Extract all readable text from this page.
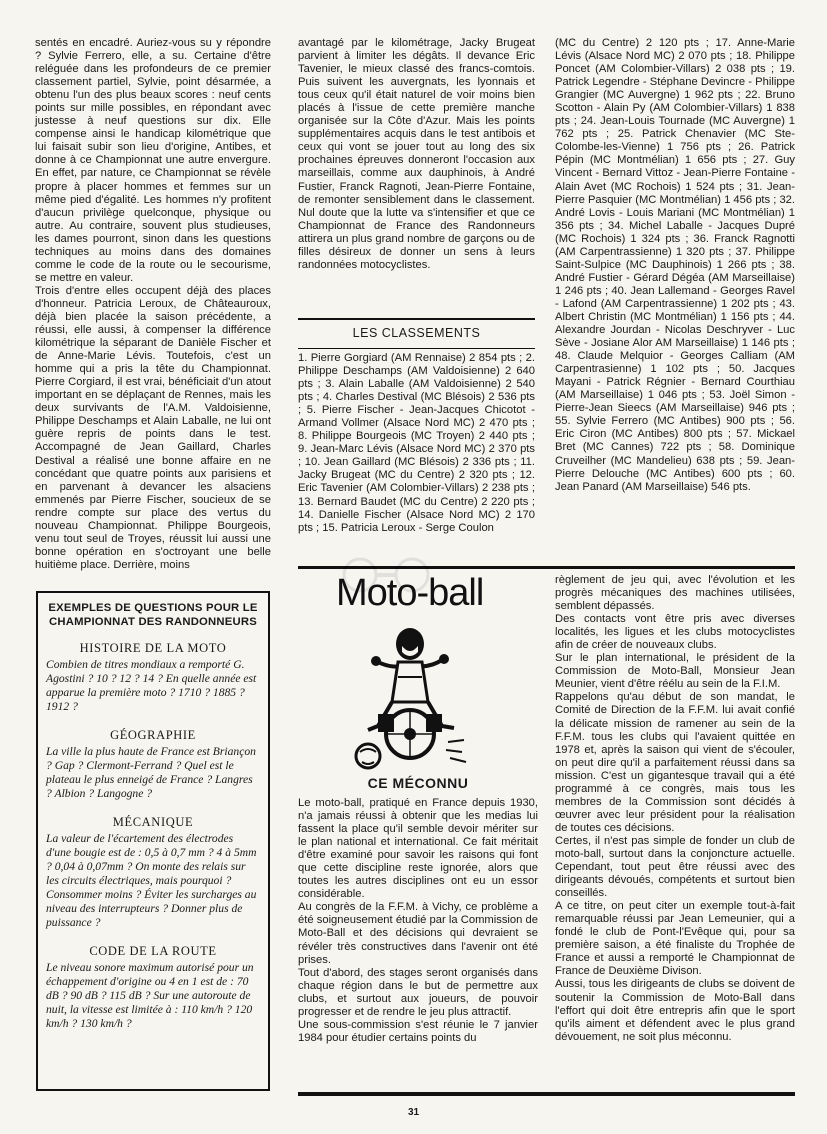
sentés en encadré. Auriez-vous su y répondre ? Sylvie Ferrero, elle, a su. Certaine d'être reléguée dans les profondeurs de ce premier classement partiel, Sylvie, point désarmée, a obtenu l'un des plus beaux scores : neuf cents points sur mille possibles, en répondant avec justesse à neuf questions sur dix. Elle compense ainsi le handicap kilométrique que lui faisait subir son lieu d'origine, Antibes, et donne à ce Championnat une autre envergure. En effet, par nature, ce Championnat se révèle propre à placer hommes et femmes sur un même pied d'égalité. Les hommes n'y profitent d'aucun privilège quelconque, physique ou autre. Au contraire, souvent plus studieuses, les dames pourront, sinon dans les questions techniques au moins dans des domaines comme le code de la route ou le secourisme, se mettre en valeur.

Trois d'entre elles occupent déjà des places d'honneur. Patricia Leroux, de Châteauroux, déjà bien placée la saison précédente, a réussi, elle aussi, à compenser la différence kilométrique la séparant de Danièle Fischer et de Anne-Marie Lévis. Toutefois, c'est un homme qui a pris la tête du Championnat. Pierre Corgiard, il est vrai, bénéficiait d'un atout important en se déplaçant de Rennes, mais les deux survivants de l'A.M. Valdoisienne, Philippe Deschamps et Alain Laballe, ne lui ont guère repris de points dans le test. Accompagné de Jean Gaillard, Charles Destival a réalisé une bonne affaire en ne concédant que quatre points aux parisiens et en parvenant à devancer les alsaciens emmenés par Pierre Fischer, soucieux de se rendre compte sur place des vertus du nouveau Championnat. Philippe Bourgeois, venu tout seul de Troyes, réussit lui aussi une bonne opération en s'octroyant une belle huitième place. Derrière, moins

avantagé par le kilométrage, Jacky Brugeat parvient à limiter les dégâts. Il devance Eric Tavenier, le mieux classé des francs-comtois. Puis suivent les auvergnats, les lyonnais et tous ceux qu'il était naturel de voir moins bien placés à l'issue de cette première manche organisée sur la Côte d'Azur. Mais les points supplémentaires acquis dans le test antibois et ceux qui vont se jouer tout au long des six prochaines épreuves donneront l'occasion aux marseillais, comme aux dauphinois, à André Fustier, Franck Ragnoti, Jean-Pierre Fontaine, de remonter sensiblement dans le classement. Nul doute que la lutte va s'intensifier et que ce Championnat de France des Randonneurs attirera un plus grand nombre de garçons ou de filles désireux de donner un sens à leurs randonnées motocyclistes.

LES CLASSEMENTS

1. Pierre Gorgiard (AM Rennaise) 2 854 pts ; 2. Philippe Deschamps (AM Valdoisienne) 2 640 pts ; 3. Alain Laballe (AM Valdoisienne) 2 540 pts ; 4. Charles Destival (MC Blésois) 2 536 pts ; 5. Pierre Fischer - Jean-Jacques Chicotot - Armand Vollmer (Alsace Nord MC) 2 470 pts ; 8. Philippe Bourgeois (MC Troyen) 2 440 pts ; 9. Jean-Marc Lévis (Alsace Nord MC) 2 370 pts ; 10. Jean Gaillard (MC Blésois) 2 336 pts ; 11. Jacky Brugeat (MC du Centre) 2 320 pts ; 12. Eric Tavenier (AM Colombier-Villars) 2 238 pts ; 13. Bernard Baudet (MC du Centre) 2 220 pts ; 14. Danielle Fischer (Alsace Nord MC) 2 170 pts ; 15. Patricia Leroux - Serge Coulon

(MC du Centre) 2 120 pts ; 17. Anne-Marie Lévis (Alsace Nord MC) 2 070 pts ; 18. Philippe Poncet (AM Colombier-Villars) 2 038 pts ; 19. Patrick Legendre - Stéphane Devincre - Philippe Grangier (MC Auvergne) 1 962 pts ; 22. Bruno Scotton - Alain Py (AM Colombier-Villars) 1 838 pts ; 24. Jean-Louis Tournade (MC Auvergne) 1 762 pts ; 25. Patrick Chenavier (MC Ste-Colombe-les-Vienne) 1 756 pts ; 26. Patrick Pépin (MC Montmélian) 1 656 pts ; 27. Guy Vincent - Bernard Vittoz - Jean-Pierre Fontaine - Alain Avet (MC Rochois) 1 524 pts ; 31. Jean-Pierre Pasquier (MC Montmélian) 1 456 pts ; 32. André Lovis - Louis Mariani (MC Montmélian) 1 356 pts ; 34. Michel Laballe - Jacques Dupré (MC Rochois) 1 324 pts ; 36. Franck Ragnotti (AM Carpentrassienne) 1 320 pts ; 37. Philippe Saint-Sulpice (MC Dauphinois) 1 266 pts ; 38. André Fustier - Gérard Dégéa (AM Marseillaise) 1 246 pts ; 40. Jean Lallemand - Georges Ravel - Lafond (AM Carpentrassienne) 1 202 pts ; 43. Albert Christin (MC Montmélian) 1 156 pts ; 44. Alexandre Jourdan - Nicolas Deschryver - Luc Sève - Josiane Alor AM Marseillaise) 1 146 pts ; 48. Claude Melquior - Georges Calliam (AM Carpentrasienne) 1 102 pts ; 50. Jacques Mayani - Patrick Régnier - Bernard Courthiau (AM Marseillaise) 1 046 pts ; 53. Joël Simon - Pierre-Jean Sieecs (AM Marseillaise) 946 pts ; 55. Sylvie Ferrero (MC Antibes) 900 pts ; 56. Eric Ciron (MC Antibes) 800 pts ; 57. Mickael Bret (MC Cannes) 722 pts ; 58. Dominique Cruveilher (MC Mandelieu) 638 pts ; 59. Jean-Pierre Delouche (MC Antibes) 600 pts ; 60. Jean Panard (AM Marseillaise) 546 pts.

EXEMPLES DE QUESTIONS POUR LE CHAMPIONNAT DES RANDONNEURS
HISTOIRE DE LA MOTO
Combien de titres mondiaux a remporté G. Agostini ? 10 ? 12 ? 14 ? En quelle année est apparue la première moto ? 1710 ? 1885 ? 1912 ?
GÉOGRAPHIE
La ville la plus haute de France est Briançon ? Gap ? Clermont-Ferrand ? Quel est le plateau le plus enneigé de France ? Langres ? Albion ? Langogne ?
MÉCANIQUE
La valeur de l'écartement des électrodes d'une bougie est de : 0,5 à 0,7 mm ? 4 à 5mm ? 0,04 à 0,07mm ? On monte des relais sur les circuits électriques, mais pourquoi ? Consommer moins ? Éviter les surcharges au niveau des interrupteurs ? Donner plus de puissance ?
CODE DE LA ROUTE
Le niveau sonore maximum autorisé pour un échappement d'origine ou 4 en 1 est de : 70 dB ? 90 dB ? 115 dB ? Sur une autoroute de nuit, la vitesse est limitée à : 110 km/h ? 120 km/h ? 130 km/h ?
Moto-ball
CE MÉCONNU

Le moto-ball, pratiqué en France depuis 1930, n'a jamais réussi à obtenir que les medias lui fassent la place qu'il semble devoir mériter sur le plan national et international. Ce fait méritait d'être examiné pour savoir les raisons qui font que cette discipline reste ignorée, alors que toutes les autres disciplines ont eu un essor considérable.

Au congrès de la F.F.M. à Vichy, ce problème a été soigneusement étudié par la Commission de Moto-Ball et des décisions qui devraient se révéler très constructives dans l'avenir ont été prises.

Tout d'abord, des stages seront organisés dans chaque région dans le but de permettre aux clubs, et surtout aux joueurs, de pouvoir progresser et de rendre le jeu plus attractif.

Une sous-commission s'est réunie le 7 janvier 1984 pour étudier certains points du

règlement de jeu qui, avec l'évolution et les progrès mécaniques des machines utilisées, semblent dépassés.

Des contacts vont être pris avec diverses localités, les ligues et les clubs motocyclistes afin de créer de nouveaux clubs.

Sur le plan international, le président de la Commission de Moto-Ball, Monsieur Jean Meunier, vient d'être réélu au sein de la F.I.M.

Rappelons qu'au début de son mandat, le Comité de Direction de la F.F.M. lui avait confié la délicate mission de ramener au sein de la F.F.M. tous les clubs qui l'avaient quittée en 1978 et, après la saison qui vient de s'écouler, on peut dire qu'il a parfaitement réussi dans sa mission. C'est un gigantesque travail qui a été programmé à ce congrès, mais tous les membres de la Commission sont décidés à œuvrer avec leur président pour la réalisation de toutes ces décisions.

Certes, il n'est pas simple de fonder un club de moto-ball, surtout dans la conjoncture actuelle. Cependant, tout peut être réussi avec des dirigeants dévoués, compétents et surtout bien conseillés.

A ce titre, on peut citer un exemple tout-à-fait remarquable réussi par Jean Lemeunier, qui a fondé le club de Pont-l'Evêque qui, pour sa première saison, a été finaliste du Trophée de France et aussi a remporté le Championnat de France de Deuxième Divison.

Aussi, tous les dirigeants de clubs se doivent de soutenir la Commission de Moto-Ball dans l'effort qui doit être entrepris afin que le sport qu'ils aiment et défendent avec le plus grand dévouement, ne soit plus méconnu.

31
